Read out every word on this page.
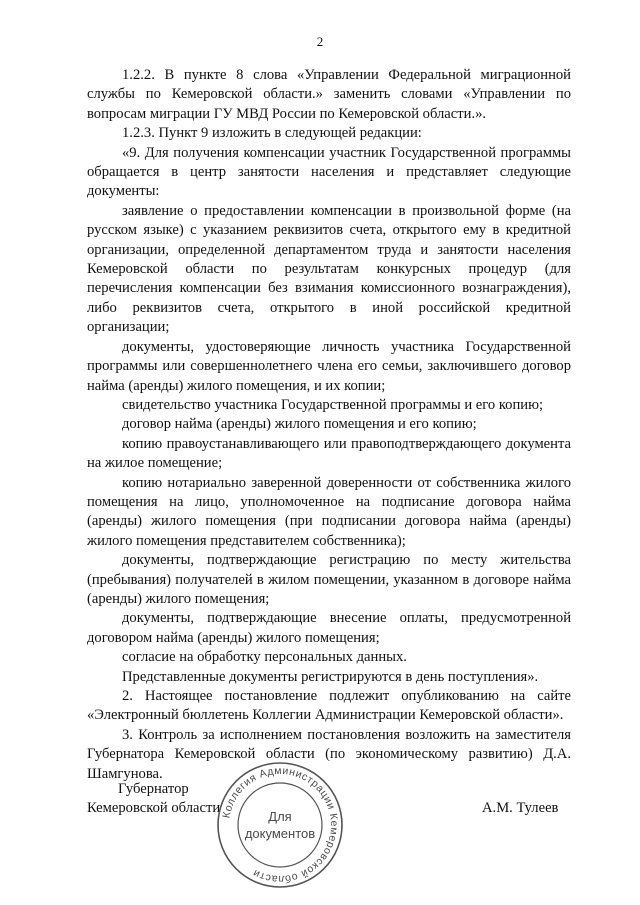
2

1.2.2. В пункте 8 слова «Управлении Федеральной миграционной службы по Кемеровской области.» заменить словами «Управлении по вопросам миграции ГУ МВД России по Кемеровской области.».

1.2.3. Пункт 9 изложить в следующей редакции:

«9. Для получения компенсации участник Государственной программы обращается в центр занятости населения и представляет следующие документы:

заявление о предоставлении компенсации в произвольной форме (на русском языке) с указанием реквизитов счета, открытого ему в кредитной организации, определенной департаментом труда и занятости населения Кемеровской области по результатам конкурсных процедур (для перечисления компенсации без взимания комиссионного вознаграждения), либо реквизитов счета, открытого в иной российской кредитной организации;

документы, удостоверяющие личность участника Государственной программы или совершеннолетнего члена его семьи, заключившего договор найма (аренды) жилого помещения, и их копии;

свидетельство участника Государственной программы и его копию;

договор найма (аренды) жилого помещения и его копию;

копию правоустанавливающего или правоподтверждающего документа на жилое помещение;

копию нотариально заверенной доверенности от собственника жилого помещения на лицо, уполномоченное на подписание договора найма (аренды) жилого помещения (при подписании договора найма (аренды) жилого помещения представителем собственника);

документы, подтверждающие регистрацию по месту жительства (пребывания) получателей в жилом помещении, указанном в договоре найма (аренды) жилого помещения;

документы, подтверждающие внесение оплаты, предусмотренной договором найма (аренды) жилого помещения;

согласие на обработку персональных данных.

Представленные документы регистрируются в день поступления».

2. Настоящее постановление подлежит опубликованию на сайте «Электронный бюллетень Коллегии Администрации Кемеровской области».

3. Контроль за исполнением постановления возложить на заместителя Губернатора Кемеровской области (по экономическому развитию) Д.А. Шамгунова.

Губернатор
Кемеровской области	А.М. Тулеев
Коллегия Администрации Кемеровской области
Для
документов
